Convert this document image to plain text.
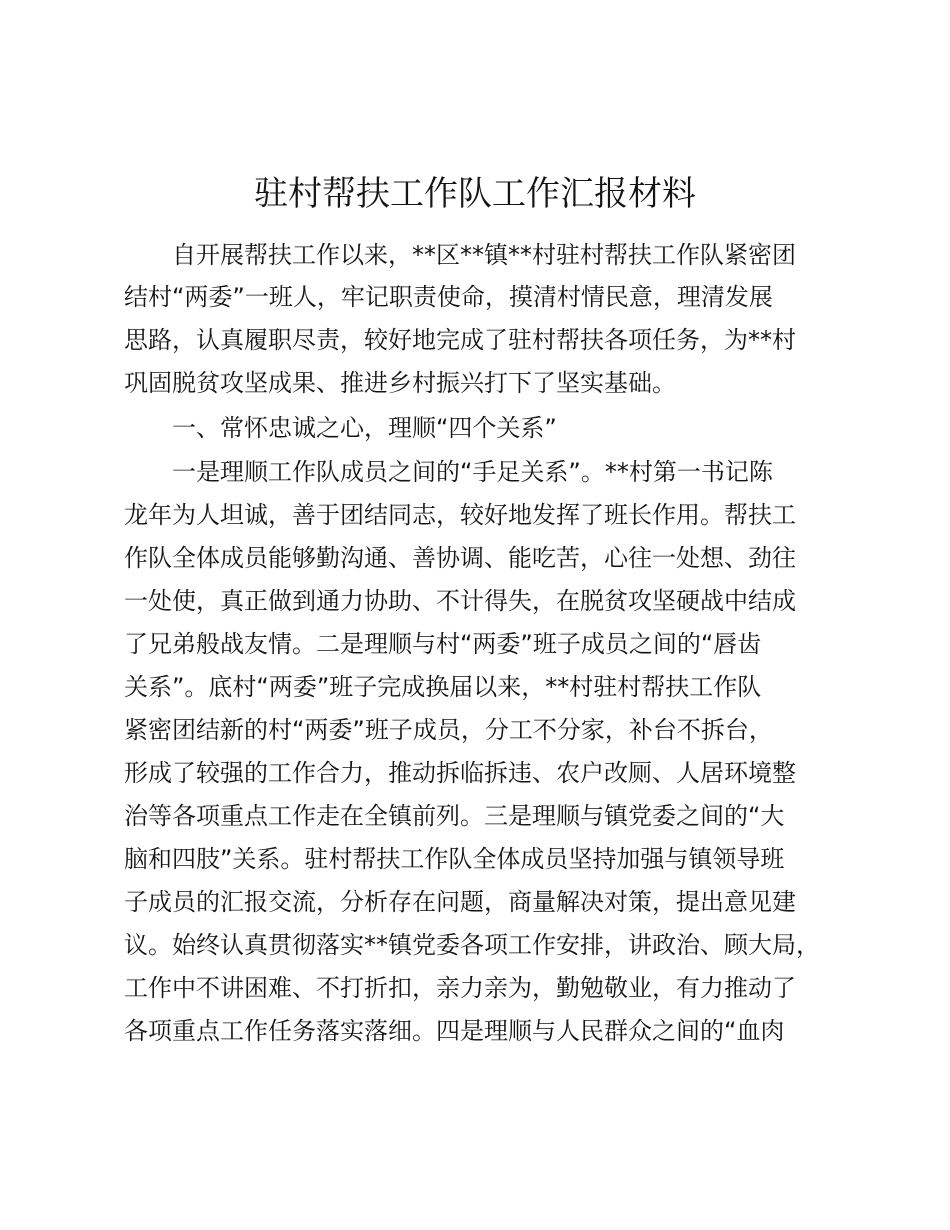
驻村帮扶工作队工作汇报材料
自开展帮扶工作以来，**区**镇**村驻村帮扶工作队紧密团
结村“两委”一班人，牢记职责使命，摸清村情民意，理清发展
思路，认真履职尽责，较好地完成了驻村帮扶各项任务，为**村
巩固脱贫攻坚成果、推进乡村振兴打下了坚实基础。
一、常怀忠诚之心，理顺“四个关系”
一是理顺工作队成员之间的“手足关系”。**村第一书记陈
龙年为人坦诚，善于团结同志，较好地发挥了班长作用。帮扶工
作队全体成员能够勤沟通、善协调、能吃苦，心往一处想、劲往
一处使，真正做到通力协助、不计得失，在脱贫攻坚硬战中结成
了兄弟般战友情。二是理顺与村“两委”班子成员之间的“唇齿
关系”。底村“两委”班子完成换届以来，**村驻村帮扶工作队
紧密团结新的村“两委”班子成员，分工不分家，补台不拆台，
形成了较强的工作合力，推动拆临拆违、农户改厕、人居环境整
治等各项重点工作走在全镇前列。三是理顺与镇党委之间的“大
脑和四肢”关系。驻村帮扶工作队全体成员坚持加强与镇领导班
子成员的汇报交流，分析存在问题，商量解决对策，提出意见建
议。始终认真贯彻落实**镇党委各项工作安排，讲政治、顾大局，
工作中不讲困难、不打折扣，亲力亲为，勤勉敬业，有力推动了
各项重点工作任务落实落细。四是理顺与人民群众之间的“血肉
